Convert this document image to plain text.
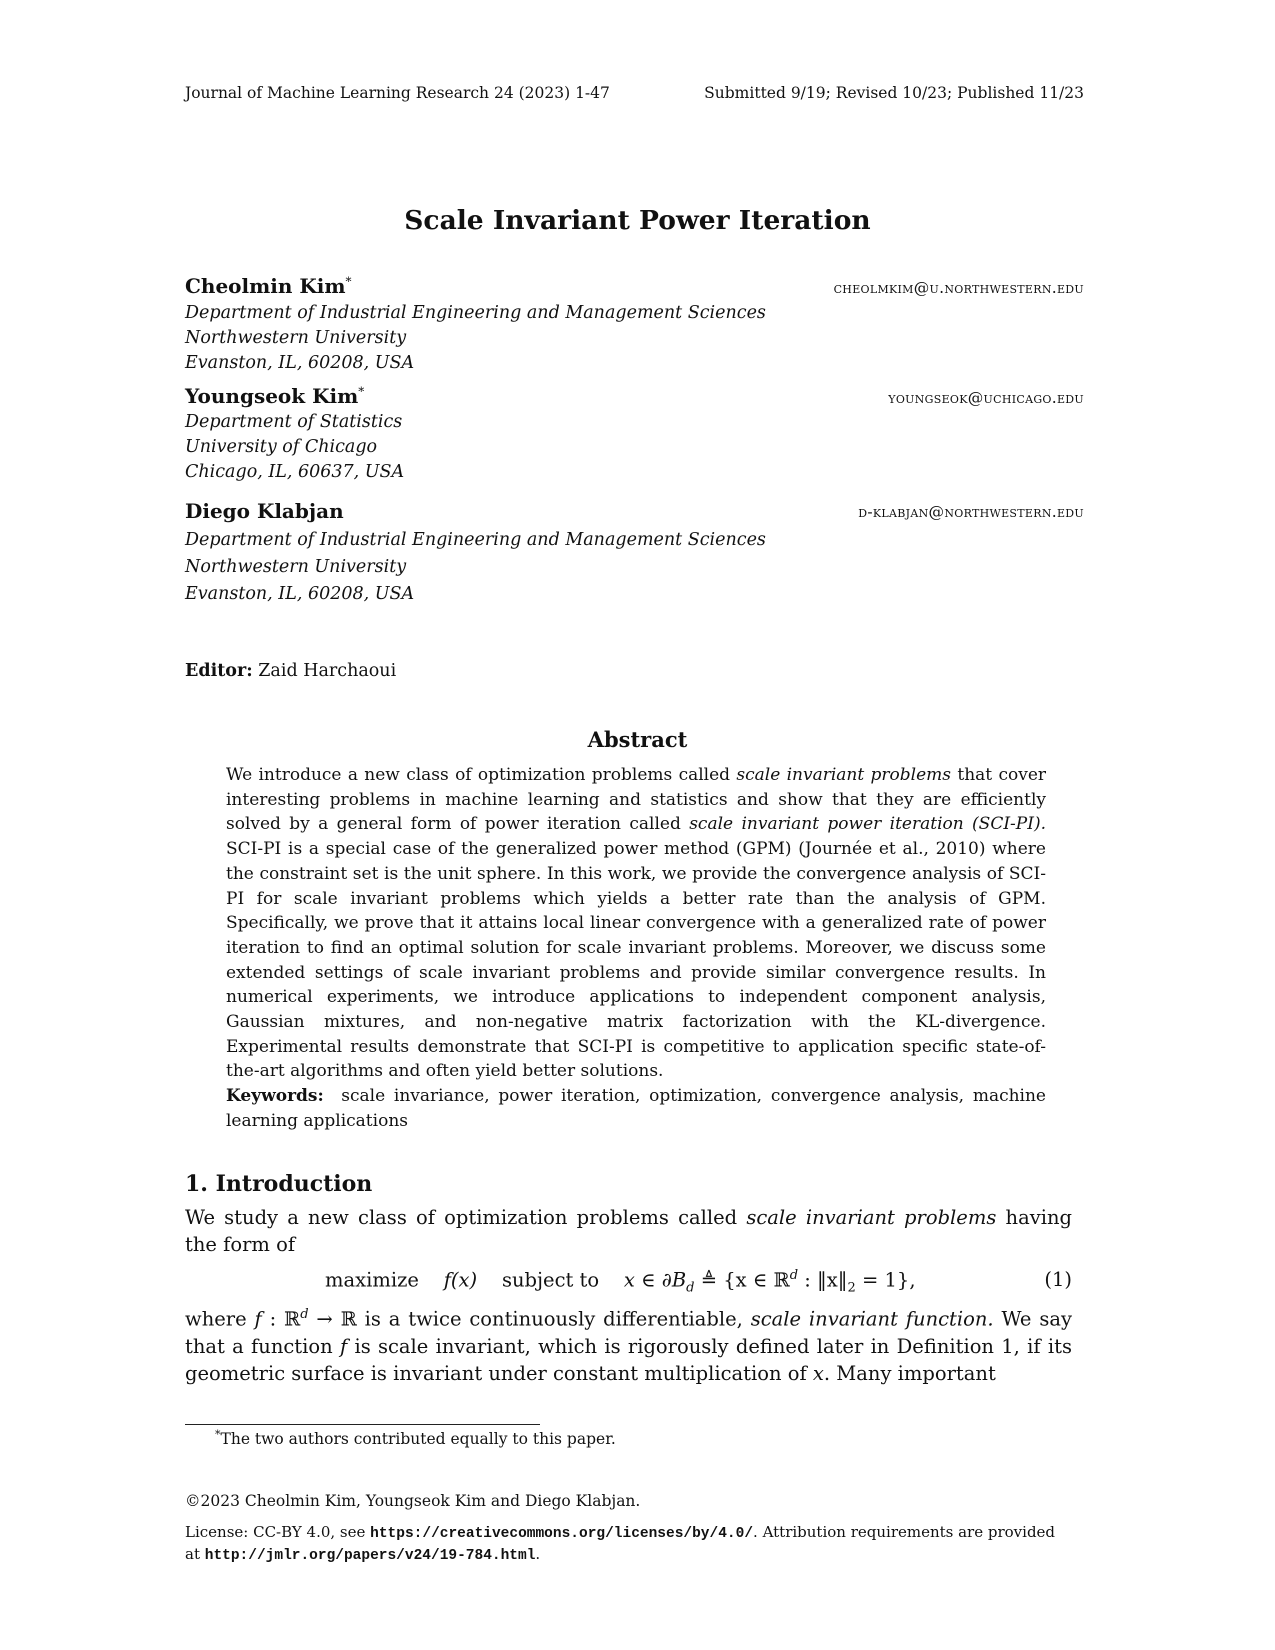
Journal of Machine Learning Research 24 (2023) 1-47	Submitted 9/19; Revised 10/23; Published 11/23
Scale Invariant Power Iteration
Cheolmin Kim*	cheolmkim@u.northwestern.edu
Department of Industrial Engineering and Management Sciences
Northwestern University
Evanston, IL, 60208, USA
Youngseok Kim*	youngseok@uchicago.edu
Department of Statistics
University of Chicago
Chicago, IL, 60637, USA
Diego Klabjan	d-klabjan@northwestern.edu
Department of Industrial Engineering and Management Sciences
Northwestern University
Evanston, IL, 60208, USA
Editor: Zaid Harchaoui
Abstract

We introduce a new class of optimization problems called scale invariant problems that cover interesting problems in machine learning and statistics and show that they are efficiently solved by a general form of power iteration called scale invariant power iteration (SCI-PI). SCI-PI is a special case of the generalized power method (GPM) (Journée et al., 2010) where the constraint set is the unit sphere. In this work, we provide the convergence analysis of SCI-PI for scale invariant problems which yields a better rate than the analysis of GPM. Specifically, we prove that it attains local linear convergence with a generalized rate of power iteration to find an optimal solution for scale invariant problems. Moreover, we discuss some extended settings of scale invariant problems and provide similar convergence results. In numerical experiments, we introduce applications to independent component analysis, Gaussian mixtures, and non-negative matrix factorization with the KL-divergence. Experimental results demonstrate that SCI-PI is competitive to application specific state-of-the-art algorithms and often yield better solutions.

Keywords: scale invariance, power iteration, optimization, convergence analysis, machine learning applications

1. Introduction
We study a new class of optimization problems called scale invariant problems having the form of
maximize f(x) subject to x ∈ $\partial B_d$ ≜ {x ∈ ℝ$^d$ : $‖x‖_2 = 1$},	(1)
where f : ℝ$^d$ → ℝ is a twice continuously differentiable, scale invariant function. We say that a function f is scale invariant, which is rigorously defined later in Definition 1, if its geometric surface is invariant under constant multiplication of x. Many important
*The two authors contributed equally to this paper.
©2023 Cheolmin Kim, Youngseok Kim and Diego Klabjan.
License: CC-BY 4.0, see https://creativecommons.org/licenses/by/4.0/. Attribution requirements are provided at http://jmlr.org/papers/v24/19-784.html.
